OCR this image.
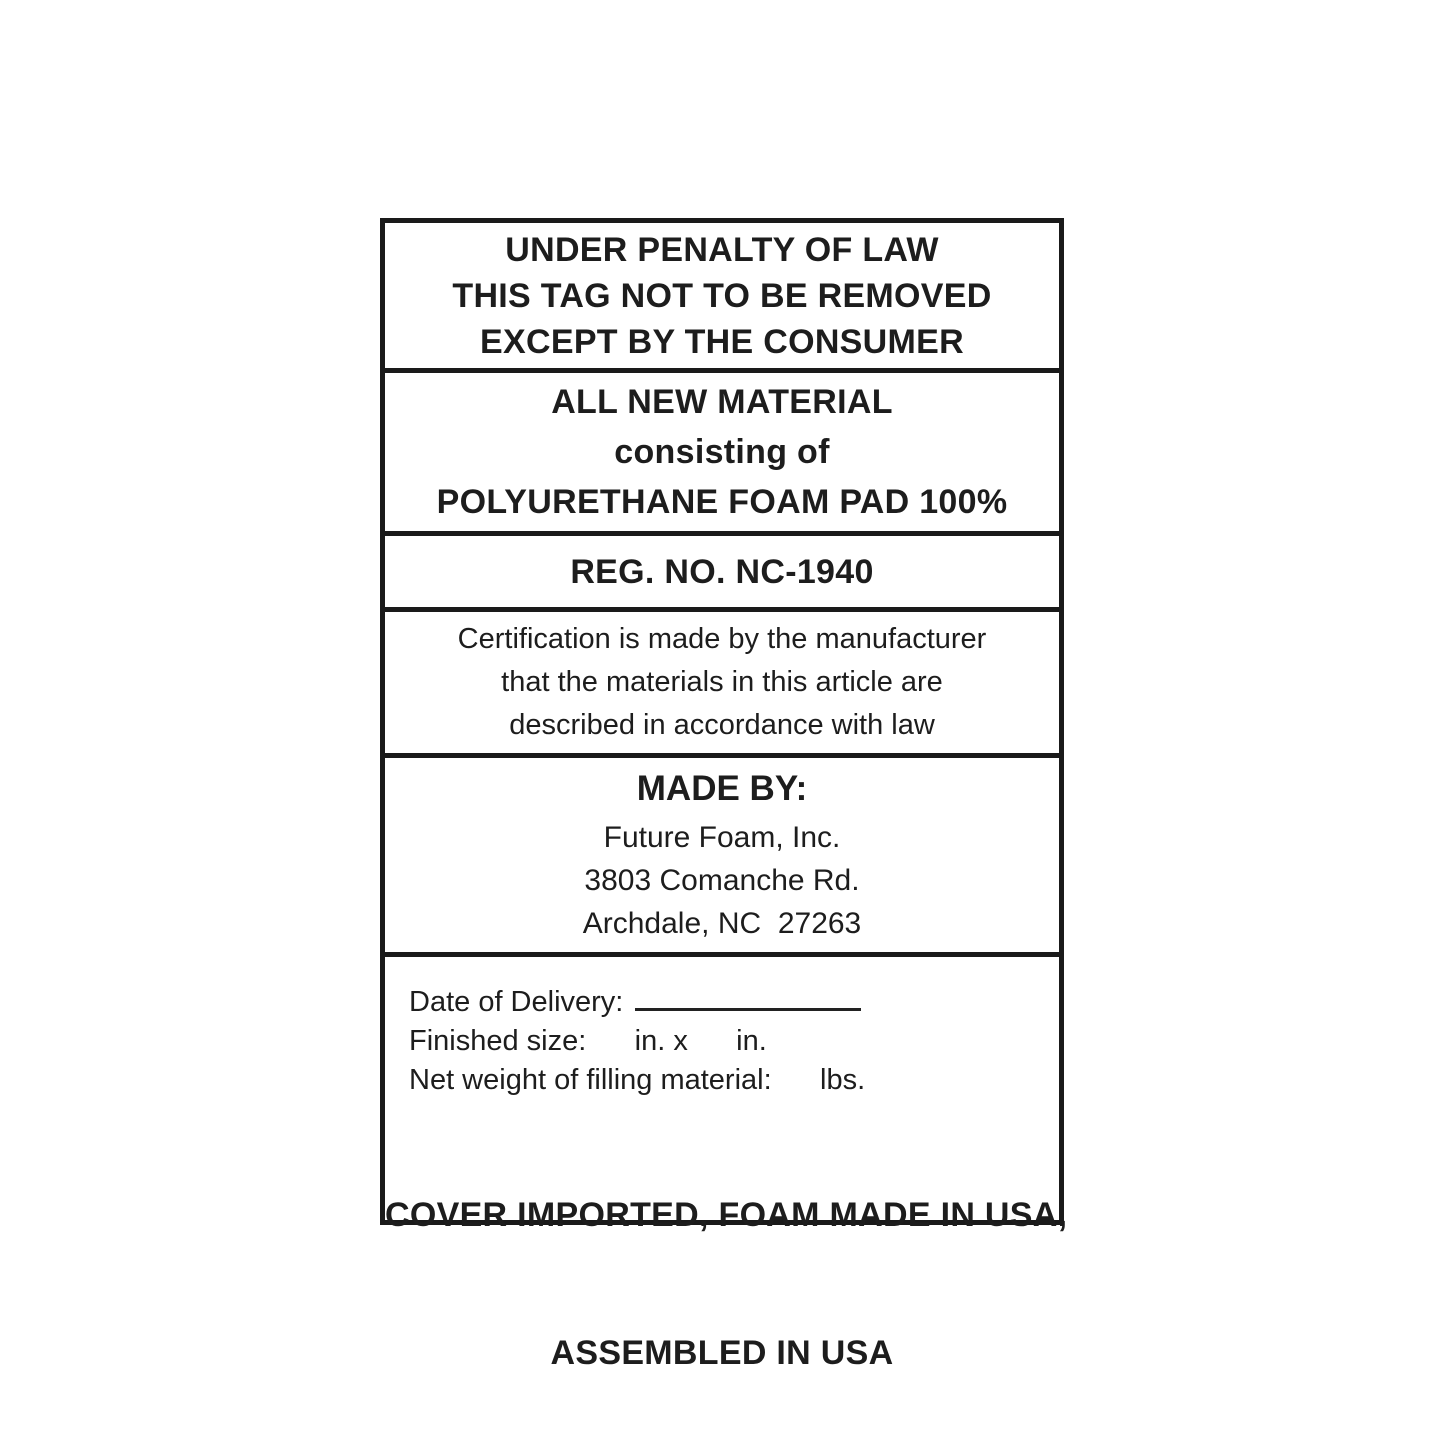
UNDER PENALTY OF LAW
THIS TAG NOT TO BE REMOVED
EXCEPT BY THE CONSUMER
ALL NEW MATERIAL
consisting of
POLYURETHANE FOAM PAD 100%
REG. NO. NC-1940
Certification is made by the manufacturer
that the materials in this article are
described in accordance with law
MADE BY:
Future Foam, Inc.
3803 Comanche Rd.
Archdale, NC  27263
Date of Delivery:
Finished size:      in. x      in.
Net weight of filling material:      lbs.

COVER IMPORTED, FOAM MADE IN USA,

ASSEMBLED IN USA
